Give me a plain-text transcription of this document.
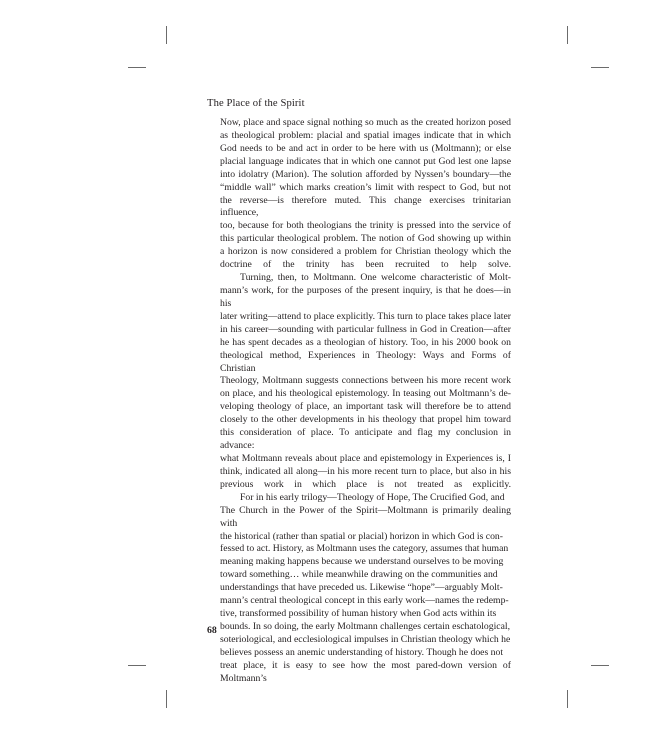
The Place of the Spirit

Now, place and space signal nothing so much as the created horizon posed
as theological problem: placial and spatial images indicate that in which
God needs to be and act in order to be here with us (Moltmann); or else
placial language indicates that in which one cannot put God lest one lapse
into idolatry (Marion). The solution afforded by Nyssen’s boundary—the
“middle wall” which marks creation’s limit with respect to God, but not
the reverse—is therefore muted. This change exercises trinitarian influence,
too, because for both theologians the trinity is pressed into the service of
this particular theological problem. The notion of God showing up within
a horizon is now considered a problem for Christian theology which the
doctrine of the trinity has been recruited to help solve.

Turning, then, to Moltmann. One welcome characteristic of Molt-
mann’s work, for the purposes of the present inquiry, is that he does—in his
later writing—attend to place explicitly. This turn to place takes place later
in his career—sounding with particular fullness in God in Creation—after
he has spent decades as a theologian of history. Too, in his 2000 book on
theological method, Experiences in Theology: Ways and Forms of Christian
Theology, Moltmann suggests connections between his more recent work
on place, and his theological epistemology. In teasing out Moltmann’s de-
veloping theology of place, an important task will therefore be to attend
closely to the other developments in his theology that propel him toward
this consideration of place. To anticipate and flag my conclusion in advance:
what Moltmann reveals about place and epistemology in Experiences is, I
think, indicated all along—in his more recent turn to place, but also in his
previous work in which place is not treated as explicitly.

For in his early trilogy—Theology of Hope, The Crucified God, and
The Church in the Power of the Spirit—Moltmann is primarily dealing with
the historical (rather than spatial or placial) horizon in which God is con-
fessed to act. History, as Moltmann uses the category, assumes that human
meaning making happens because we understand ourselves to be moving
toward something… while meanwhile drawing on the communities and
understandings that have preceded us. Likewise “hope”—arguably Molt-
mann’s central theological concept in this early work—names the redemp-
tive, transformed possibility of human history when God acts within its
bounds. In so doing, the early Moltmann challenges certain eschatological,
soteriological, and ecclesiological impulses in Christian theology which he
believes possess an anemic understanding of history. Though he does not
treat place, it is easy to see how the most pared-down version of Moltmann’s

68
